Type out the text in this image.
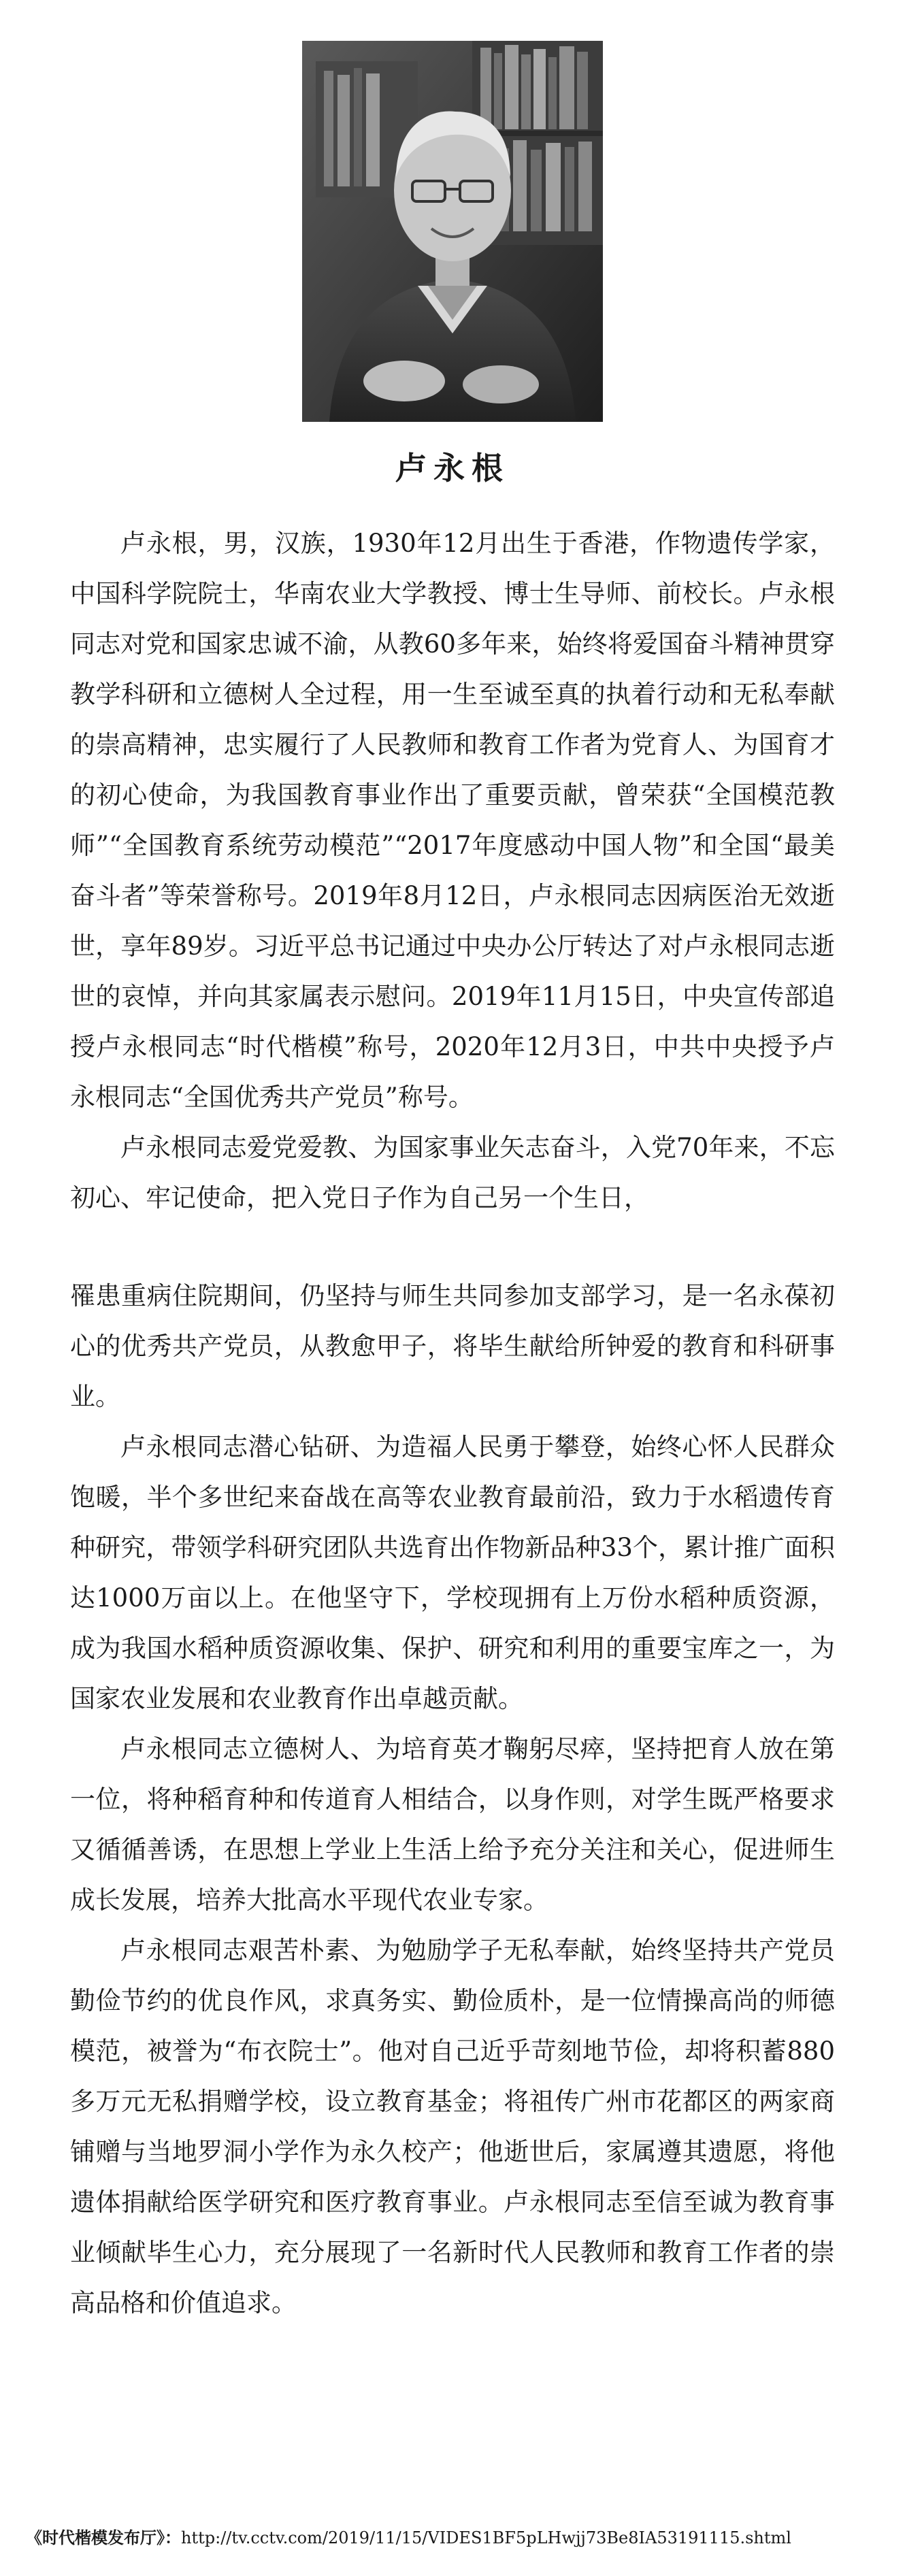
卢永根

卢永根，男，汉族，1930年12月出生于香港，作物遗传学家，中国科学院院士，华南农业大学教授、博士生导师、前校长。卢永根同志对党和国家忠诚不渝，从教60多年来，始终将爱国奋斗精神贯穿教学科研和立德树人全过程，用一生至诚至真的执着行动和无私奉献的崇高精神，忠实履行了人民教师和教育工作者为党育人、为国育才的初心使命，为我国教育事业作出了重要贡献，曾荣获“全国模范教师”“全国教育系统劳动模范”“2017年度感动中国人物”和全国“最美奋斗者”等荣誉称号。2019年8月12日，卢永根同志因病医治无效逝世，享年89岁。习近平总书记通过中央办公厅转达了对卢永根同志逝世的哀悼，并向其家属表示慰问。2019年11月15日，中央宣传部追授卢永根同志“时代楷模”称号，2020年12月3日，中共中央授予卢永根同志“全国优秀共产党员”称号。

卢永根同志爱党爱教、为国家事业矢志奋斗，入党70年来，不忘初心、牢记使命，把入党日子作为自己另一个生日，

罹患重病住院期间，仍坚持与师生共同参加支部学习，是一名永葆初心的优秀共产党员，从教愈甲子，将毕生献给所钟爱的教育和科研事业。

卢永根同志潜心钻研、为造福人民勇于攀登，始终心怀人民群众饱暖，半个多世纪来奋战在高等农业教育最前沿，致力于水稻遗传育种研究，带领学科研究团队共选育出作物新品种33个，累计推广面积达1000万亩以上。在他坚守下，学校现拥有上万份水稻种质资源，成为我国水稻种质资源收集、保护、研究和利用的重要宝库之一，为国家农业发展和农业教育作出卓越贡献。

卢永根同志立德树人、为培育英才鞠躬尽瘁，坚持把育人放在第一位，将种稻育种和传道育人相结合，以身作则，对学生既严格要求又循循善诱，在思想上学业上生活上给予充分关注和关心，促进师生成长发展，培养大批高水平现代农业专家。

卢永根同志艰苦朴素、为勉励学子无私奉献，始终坚持共产党员勤俭节约的优良作风，求真务实、勤俭质朴，是一位情操高尚的师德模范，被誉为“布衣院士”。他对自己近乎苛刻地节俭，却将积蓄880多万元无私捐赠学校，设立教育基金；将祖传广州市花都区的两家商铺赠与当地罗洞小学作为永久校产；他逝世后，家属遵其遗愿，将他遗体捐献给医学研究和医疗教育事业。卢永根同志至信至诚为教育事业倾献毕生心力，充分展现了一名新时代人民教师和教育工作者的崇高品格和价值追求。

《时代楷模发布厅》：http://tv.cctv.com/2019/11/15/VIDES1BF5pLHwjj73Be8IA53191115.shtml
